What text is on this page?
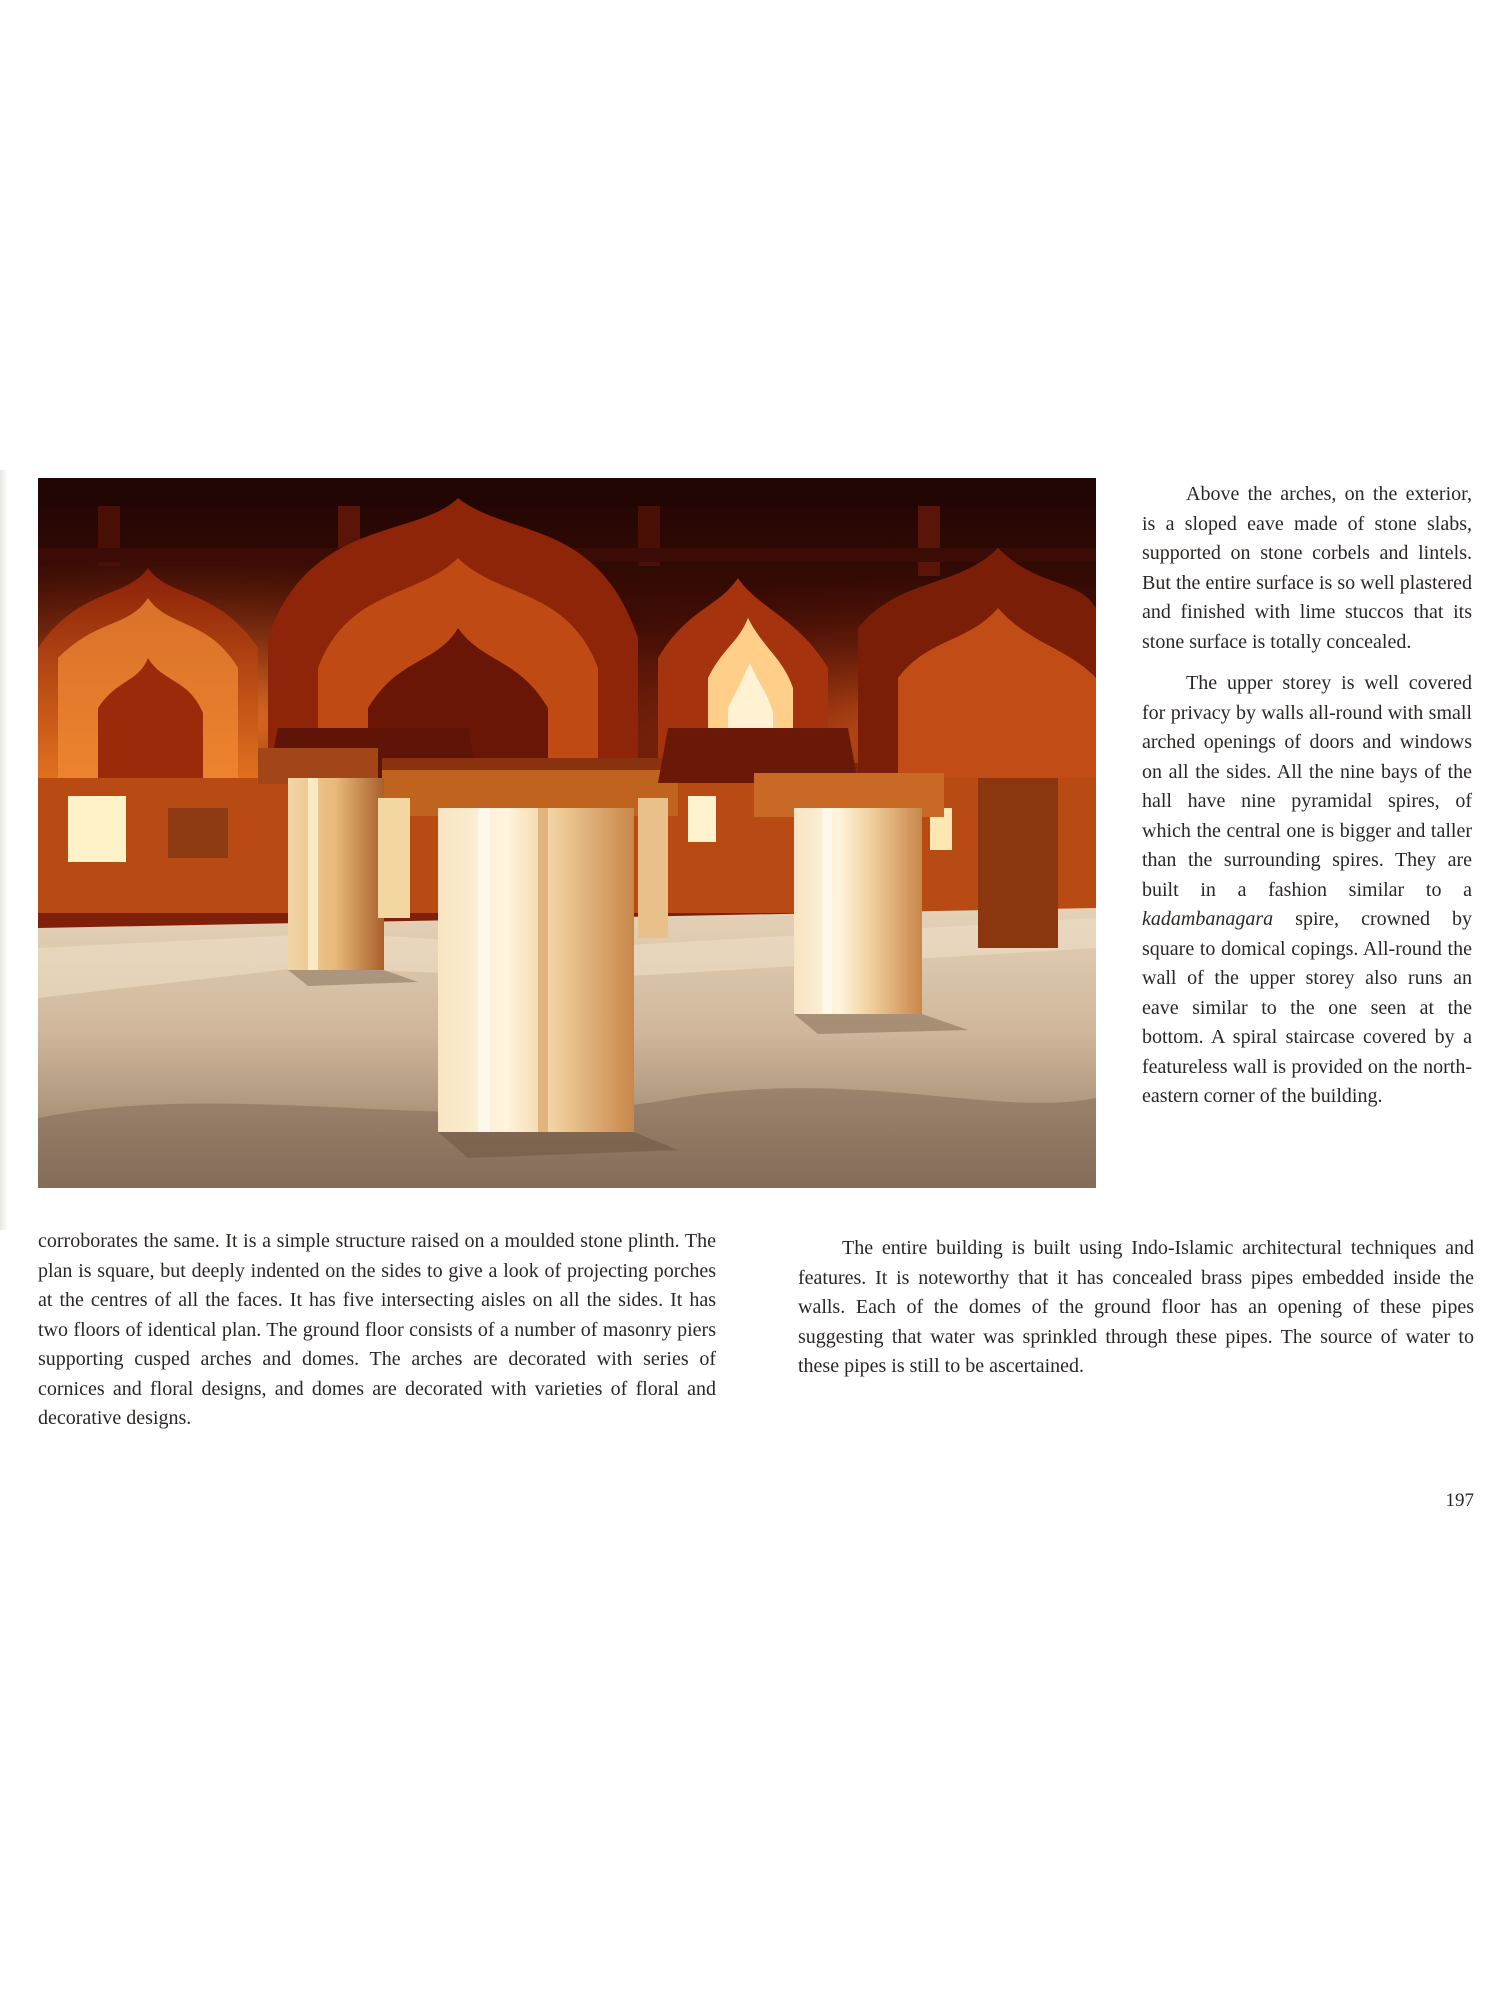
Above the arches, on the exterior, is a sloped eave made of stone slabs, supported on stone corbels and lintels. But the entire surface is so well plastered and finished with lime stuccos that its stone surface is totally concealed.

The upper storey is well covered for privacy by walls all-round with small arched openings of doors and windows on all the sides. All the nine bays of the hall have nine pyramidal spires, of which the central one is bigger and taller than the surrounding spires. They are built in a fashion similar to a kadambanagara spire, crowned by square to domical copings. All-round the wall of the upper storey also runs an eave similar to the one seen at the bottom. A spiral staircase covered by a featureless wall is provided on the north-eastern corner of the building.

corroborates the same. It is a simple structure raised on a moulded stone plinth. The plan is square, but deeply indented on the sides to give a look of projecting porches at the centres of all the faces. It has five intersecting aisles on all the sides. It has two floors of identical plan. The ground floor consists of a number of masonry piers supporting cusped arches and domes. The arches are decorated with series of cornices and floral designs, and domes are decorated with varieties of floral and decorative designs.

The entire building is built using Indo-Islamic architectural techniques and features. It is noteworthy that it has concealed brass pipes embedded inside the walls. Each of the domes of the ground floor has an opening of these pipes suggesting that water was sprinkled through these pipes. The source of water to these pipes is still to be ascertained.

197
